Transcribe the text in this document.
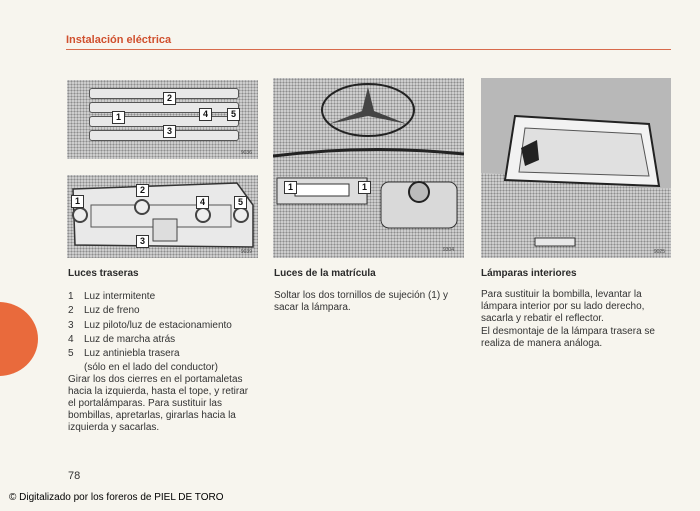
Instalación eléctrica
2
1	4	5
3
9036
1
2
4	5
3
9039
1	1
9304	9025
Luces traseras
1	Luz intermitente
2	Luz de freno
3	Luz piloto/luz de estacionamiento
4	Luz de marcha atrás
5	Luz antiniebla trasera
(sólo en el lado del conductor)

Girar los dos cierres en el portamaletas hacia la izquierda, hasta el tope, y retirar el portalámparas. Para sustituir las bombillas, apretarlas, girarlas hacia la izquierda y sacarlas.

Luces de la matrícula

Soltar los dos tornillos de sujeción (1) y sacar la lámpara.

Lámparas interiores

Para sustituir la bombilla, levantar la lámpara interior por su lado derecho, sacarla y rebatir el reflector.

El desmontaje de la lámpara trasera se realiza de manera análoga.

78
© Digitalizado por los foreros de PIEL DE TORO
